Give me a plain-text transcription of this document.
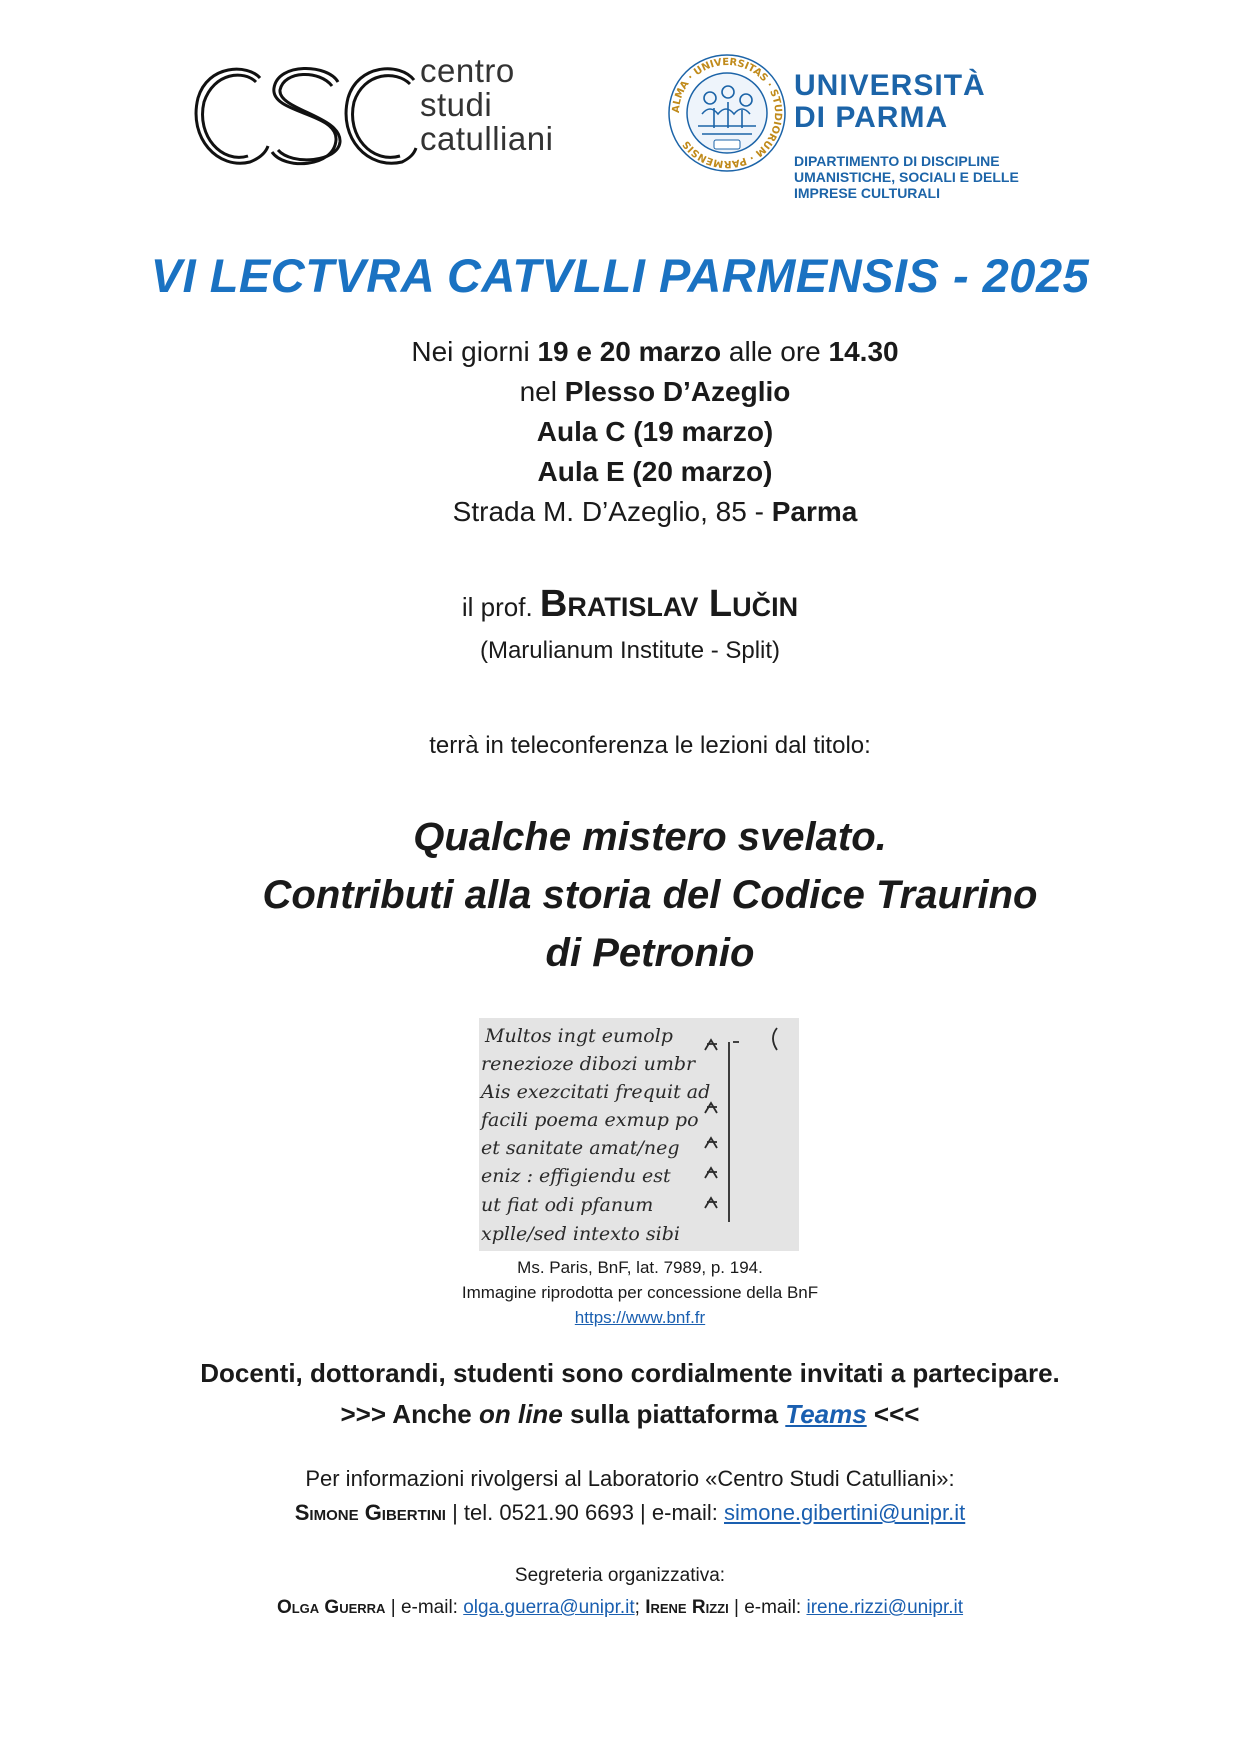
centro
studi
catulliani
ALMA · UNIVERSITAS · STUDIORUM · PARMENSIS
UNIVERSITÀ
DI PARMA
DIPARTIMENTO DI DISCIPLINE
UMANISTICHE, SOCIALI E DELLE
IMPRESE CULTURALI
VI LECTVRA CATVLLI PARMENSIS - 2025
Nei giorni 19 e 20 marzo alle ore 14.30
nel Plesso D’Azeglio
Aula C (19 marzo)
Aula E (20 marzo)
Strada M. D’Azeglio, 85 - Parma
il prof. Bratislav Lučin
(Marulianum Institute - Split)
terrà in teleconferenza le lezioni dal titolo:
Qualche mistero svelato.
Contributi alla storia del Codice Traurino
di Petronio
Multos ingt eumolp
renezioze dibozi umbr
Ais exezcitati frequit ad
facili poema exmup po
et sanitate amat/neg
eniz : effigiendu est
ut fiat odi pfanum
xplle/sed intexto sibi
Ms. Paris, BnF, lat. 7989, p. 194.
Immagine riprodotta per concessione della BnF
https://www.bnf.fr
Docenti, dottorandi, studenti sono cordialmente invitati a partecipare.
>>> Anche on line sulla piattaforma Teams <<<
Per informazioni rivolgersi al Laboratorio «Centro Studi Catulliani»:
Simone Gibertini | tel. 0521.90 6693 | e-mail: simone.gibertini@unipr.it
Segreteria organizzativa:
Olga Guerra | e-mail: olga.guerra@unipr.it; Irene Rizzi | e-mail: irene.rizzi@unipr.it
